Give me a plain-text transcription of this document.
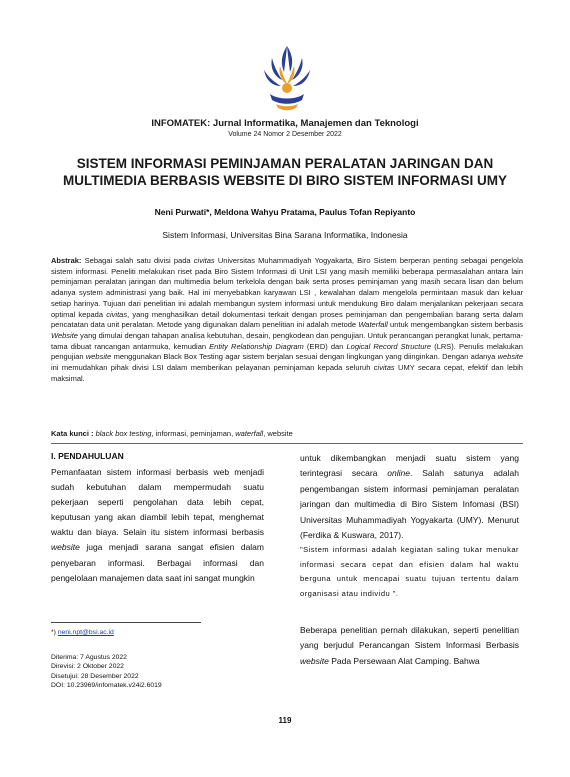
INFOMATEK: Jurnal Informatika, Manajemen dan Teknologi
Volume 24 Nomor 2 Desember 2022
SISTEM INFORMASI PEMINJAMAN PERALATAN JARINGAN DAN
MULTIMEDIA BERBASIS WEBSITE DI BIRO SISTEM INFORMASI UMY
Neni Purwati*, Meldona Wahyu Pratama, Paulus Tofan Repiyanto
Sistem Informasi, Universitas Bina Sarana Informatika, Indonesia
Abstrak: Sebagai salah satu divisi pada civitas Universitas Muhammadiyah Yogyakarta, Biro Sistem berperan penting sebagai pengelola sistem informasi. Peneliti melakukan riset pada Biro Sistem Informasi di Unit LSI yang masih memiliki beberapa permasalahan antara lain peminjaman peralatan jaringan dan multimedia belum terkelola dengan baik serta proses peminjaman yang masih secara lisan dan belum adanya system administrasi yang baik. Hal ini menyebabkan karyawan LSI , kewalahan dalam mengelola permintaan masuk dan keluar setiap harinya. Tujuan dari penelitian ini adalah membangun system informasi untuk mendukung Biro dalam menjalankan pekerjaan secara optimal kepada civitas, yang menghasilkan detail dokumentasi terkait dengan proses peminjaman dan pengembalian barang serta dalam pencatatan data unit peralatan. Metode yang digunakan dalam penelitian ini adalah metode Waterfall untuk mengembangkan sistem berbasis Website yang dimulai dengan tahapan analisa kebutuhan, desain, pengkodean dan pengujian. Untuk perancangan perangkat lunak, pertama-tama dibuat rancangan antarmuka, kemudian Entity Relationship Diagram (ERD) dan Logical Record Structure (LRS). Penulis melakukan pengujian website menggunakan Black Box Testing agar sistem berjalan sesuai dengan lingkungan yang diinginkan. Dengan adanya website ini memudahkan pihak divisi LSI dalam memberikan pelayanan peminjaman kepada seluruh civitas UMY secara cepat, efektif dan lebih maksimal.
Kata kunci : black box testing, informasi, peminjaman, waterfall, website
I. PENDAHULUAN

Pemanfaatan sistem informasi berbasis web menjadi sudah kebutuhan dalam mempermudah suatu pekerjaan seperti pengolahan data lebih cepat, keputusan yang akan diambil lebih tepat, menghemat waktu dan biaya. Selain itu sistem informasi berbasis website juga menjadi sarana sangat efisien dalam penyebaran informasi. Berbagai informasi dan pengelolaan manajemen data saat ini sangat mungkin

*) neni.npt@bsi.ac.id
Diterima: 7 Agustus 2022
Direvisi: 2 Oktober 2022
Disetujui: 28 Desember 2022
DOI: 10.23969/infomatek.v24i2.6019

untuk dikembangkan menjadi suatu sistem yang terintegrasi secara online. Salah satunya adalah pengembangan sistem informasi peminjaman peralatan jaringan dan multimedia di Biro Sistem Infomasi (BSI) Universitas Muhammadiyah Yogyakarta (UMY). Menurut (Ferdika & Kuswara, 2017).

"Sistem informasi adalah kegiatan saling tukar menukar informasi secara cepat dan efisien dalam hal waktu berguna untuk mencapai suatu tujuan tertentu dalam organisasi atau individu ".

Beberapa penelitian pernah dilakukan, seperti penelitian yang berjudul Perancangan Sistem Informasi Berbasis website Pada Persewaan Alat Camping. Bahwa

119
